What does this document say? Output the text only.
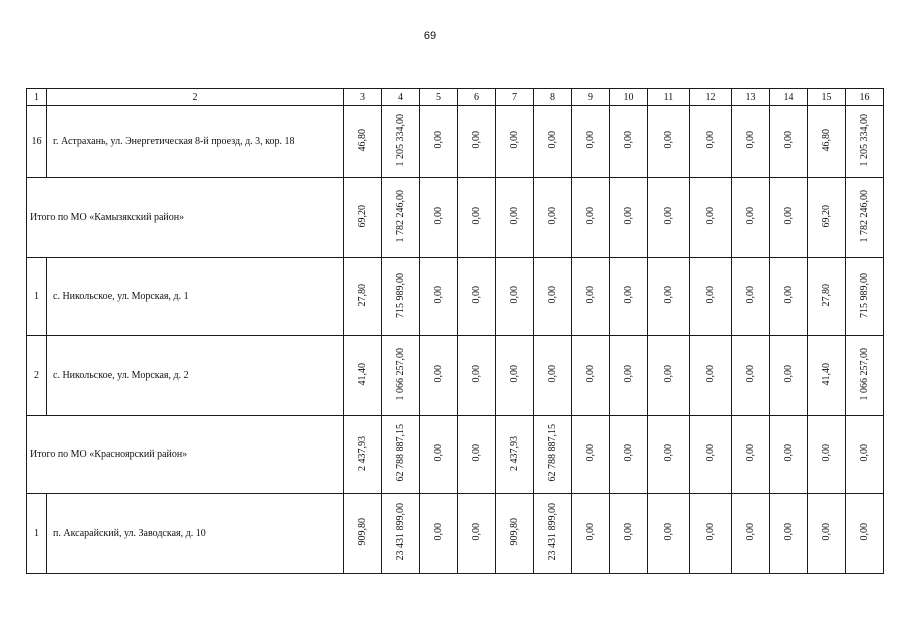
69
1	2	3	4	5	6	7	8	9	10	11	12	13	14	15	16
16	г. Астрахань, ул. Энергетическая 8-й проезд, д. 3, кор. 18	46,80	1 205 334,00	0,00	0,00	0,00	0,00	0,00	0,00	0,00	0,00	0,00	0,00	46,80	1 205 334,00
Итого по МО «Камызякский район»		69,20	1 782 246,00	0,00	0,00	0,00	0,00	0,00	0,00	0,00	0,00	0,00	0,00	69,20	1 782 246,00
1	с. Никольское, ул. Морская, д. 1	27,80	715 989,00	0,00	0,00	0,00	0,00	0,00	0,00	0,00	0,00	0,00	0,00	27,80	715 989,00
2	с. Никольское, ул. Морская, д. 2	41,40	1 066 257,00	0,00	0,00	0,00	0,00	0,00	0,00	0,00	0,00	0,00	0,00	41,40	1 066 257,00
Итого по МО «Красноярский район»		2 437,93	62 788 887,15	0,00	0,00	2 437,93	62 788 887,15	0,00	0,00	0,00	0,00	0,00	0,00	0,00	0,00
1	п. Аксарайский, ул. Заводская, д. 10	909,80	23 431 899,00	0,00	0,00	909,80	23 431 899,00	0,00	0,00	0,00	0,00	0,00	0,00	0,00	0,00
